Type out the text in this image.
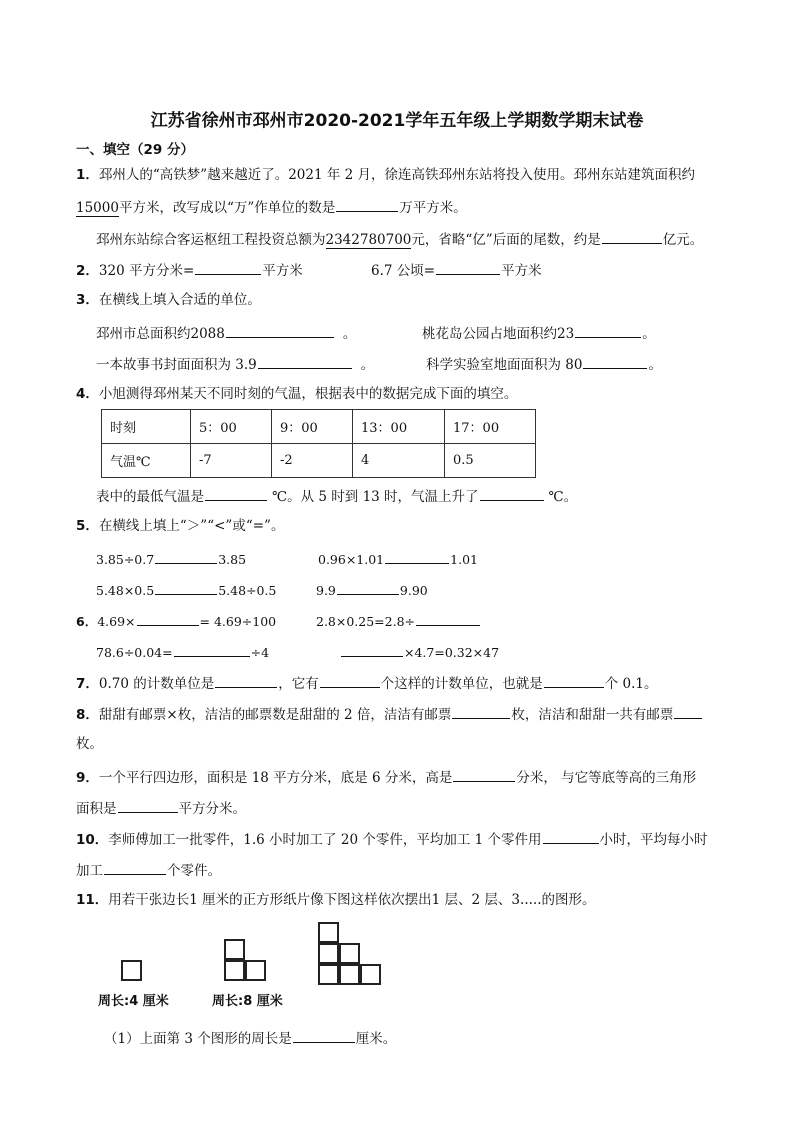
江苏省徐州市邳州市2020-2021学年五年级上学期数学期末试卷
一、填空（29 分）
1．邳州人的“高铁梦”越来越近了。2021 年 2 月，徐连高铁邳州东站将投入使用。邳州东站建筑面积约
15000平方米，改写成以“万”作单位的数是	万平方米。
邳州东站综合客运枢纽工程投资总额为2342780700元，省略“亿”后面的尾数，约是	亿元。
2．320 平方分米=	平方米	6.7 公顷=	平方米
3．在横线上填入合适的单位。
邳州市总面积约2088	。	桃花岛公园占地面积约23	。
一本故事书封面面积为 3.9	。	科学实验室地面面积为 80	。
4．小旭测得邳州某天不同时刻的气温，根据表中的数据完成下面的填空。
时刻	5：00	9：00	13：00	17：00
气温℃	-7	-2	4	0.5
表中的最低气温是	℃。从 5 时到 13 时，气温上升了	℃。
5．在横线上填上“＞”“<”或“=”。
3.85÷0.7	3.85	0.96×1.01	1.01
5.48×0.5	5.48÷0.5	9.9	9.90
6．4.69×	= 4.69÷100	2.8×0.25=2.8÷
78.6÷0.04=	÷4	×4.7=0.32×47
7．0.70 的计数单位是	，它有	个这样的计数单位，也就是	个 0.1。
8．甜甜有邮票×枚，洁洁的邮票数是甜甜的 2 倍，洁洁有邮票	枚，洁洁和甜甜一共有邮票
枚。
9．一个平行四边形，面积是 18 平方分米，底是 6 分米，高是	分米， 与它等底等高的三角形
面积是	平方分米。
10．李师傅加工一批零件，1.6 小时加工了 20 个零件，平均加工 1 个零件用	小时，平均每小时
加工	个零件。
11．用若干张边长1 厘米的正方形纸片像下图这样依次摆出1 层、2 层、3.....的图形。
周长:4 厘米	周长:8 厘米
（1）上面第 3 个图形的周长是	厘米。
